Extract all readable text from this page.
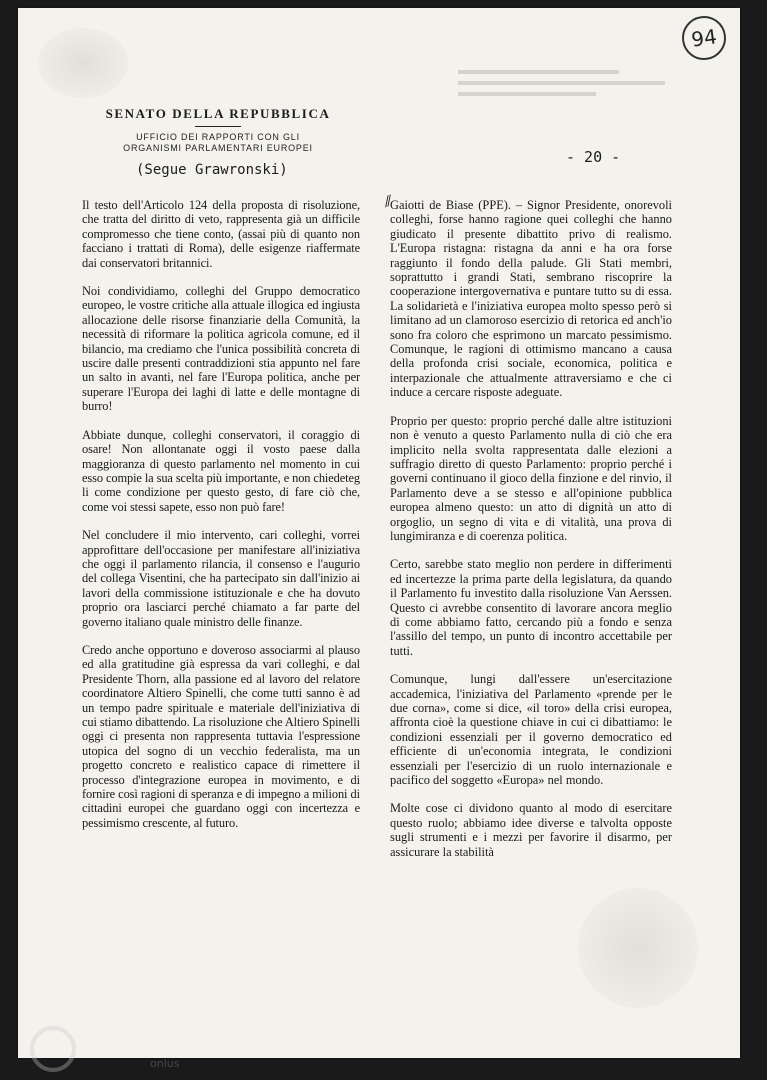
94
SENATO DELLA REPUBBLICA
UFFICIO DEI RAPPORTI CON GLI
ORGANISMI PARLAMENTARI EUROPEI
(Segue Grawronski)
- 20 -

Il testo dell'Articolo 124 della proposta di risoluzione, che tratta del diritto di veto, rappresenta già un difficile compromesso che tiene conto, (assai più di quanto non facciano i trattati di Roma), delle esigenze riaffermate dai conservatori britannici.

Noi condividiamo, colleghi del Gruppo democratico europeo, le vostre critiche alla attuale illogica ed ingiusta allocazione delle risorse finanziarie della Comunità, la necessità di riformare la politica agricola comune, ed il bilancio, ma crediamo che l'unica possibilità concreta di uscire dalle presenti contraddizioni stia appunto nel fare un salto in avanti, nel fare l'Europa politica, anche per superare l'Europa dei laghi di latte e delle montagne di burro!

Abbiate dunque, colleghi conservatori, il coraggio di osare! Non allontanate oggi il vosto paese dalla maggioranza di questo parlamento nel momento in cui esso compie la sua scelta più importante, e non chiedeteg li come condizione per questo gesto, di fare ciò che, come voi stessi sapete, esso non può fare!

Nel concludere il mio intervento, cari colleghi, vorrei approfittare dell'occasione per manifestare all'iniziativa che oggi il parlamento rilancia, il consenso e l'augurio del collega Visentini, che ha partecipato sin dall'inizio ai lavori della commissione istituzionale e che ha dovuto proprio ora lasciarci perché chiamato a far parte del governo italiano quale ministro delle finanze.

Credo anche opportuno e doveroso associarmi al plauso ed alla gratitudine già espressa da vari colleghi, e dal Presidente Thorn, alla passione ed al lavoro del relatore coordinatore Altiero Spinelli, che come tutti sanno è ad un tempo padre spirituale e materiale dell'iniziativa di cui stiamo dibattendo. La risoluzione che Altiero Spinelli oggi ci presenta non rappresenta tuttavia l'espressione utopica del sogno di un vecchio federalista, ma un progetto concreto e realistico capace di rimettere il processo d'integrazione europea in movimento, e di fornire così ragioni di speranza e di impegno a milioni di cittadini europei che guardano oggi con incertezza e pessimismo crescente, al futuro.

⁄⁄

Gaiotti de Biase (PPE). – Signor Presidente, onorevoli colleghi, forse hanno ragione quei colleghi che hanno giudicato il presente dibattito privo di realismo. L'Europa ristagna: ristagna da anni e ha ora forse raggiunto il fondo della palude. Gli Stati membri, soprattutto i grandi Stati, sembrano riscoprire la cooperazione intergovernativa e puntare tutto su di essa. La solidarietà e l'iniziativa europea molto spesso però si limitano ad un clamoroso esercizio di retorica ed anch'io sono fra coloro che esprimono un marcato pessimismo. Comunque, le ragioni di ottimismo mancano a causa della profonda crisi sociale, economica, politica e interpazionale che attualmente attraversiamo e che ci induce a cercare risposte adeguate.

Proprio per questo: proprio perché dalle altre istituzioni non è venuto a questo Parlamento nulla di ciò che era implicito nella svolta rappresentata dalle elezioni a suffragio diretto di questo Parlamento: proprio perché i governi continuano il gioco della finzione e del rinvio, il Parlamento deve a se stesso e all'opinione pubblica europea almeno questo: un atto di dignità un atto di orgoglio, un segno di vita e di vitalità, una prova di lungimiranza e di coerenza politica.

Certo, sarebbe stato meglio non perdere in differimenti ed incertezze la prima parte della legislatura, da quando il Parlamento fu investito dalla risoluzione Van Aerssen. Questo ci avrebbe consentito di lavorare ancora meglio di come abbiamo fatto, cercando più a fondo e senza l'assillo del tempo, un punto di incontro accettabile per tutti.

Comunque, lungi dall'essere un'esercitazione accademica, l'iniziativa del Parlamento «prende per le due corna», come si dice, «il toro» della crisi europea, affronta cioè la questione chiave in cui ci dibattiamo: le condizioni essenziali per il governo democratico ed efficiente di un'economia integrata, le condizioni essenziali per l'esercizio di un ruolo internazionale e pacifico del soggetto «Europa» nel mondo.

Molte cose ci dividono quanto al modo di esercitare questo ruolo; abbiamo idee diverse e talvolta opposte sugli strumenti e i mezzi per favorire il disarmo, per assicurare la stabilità

onlus
